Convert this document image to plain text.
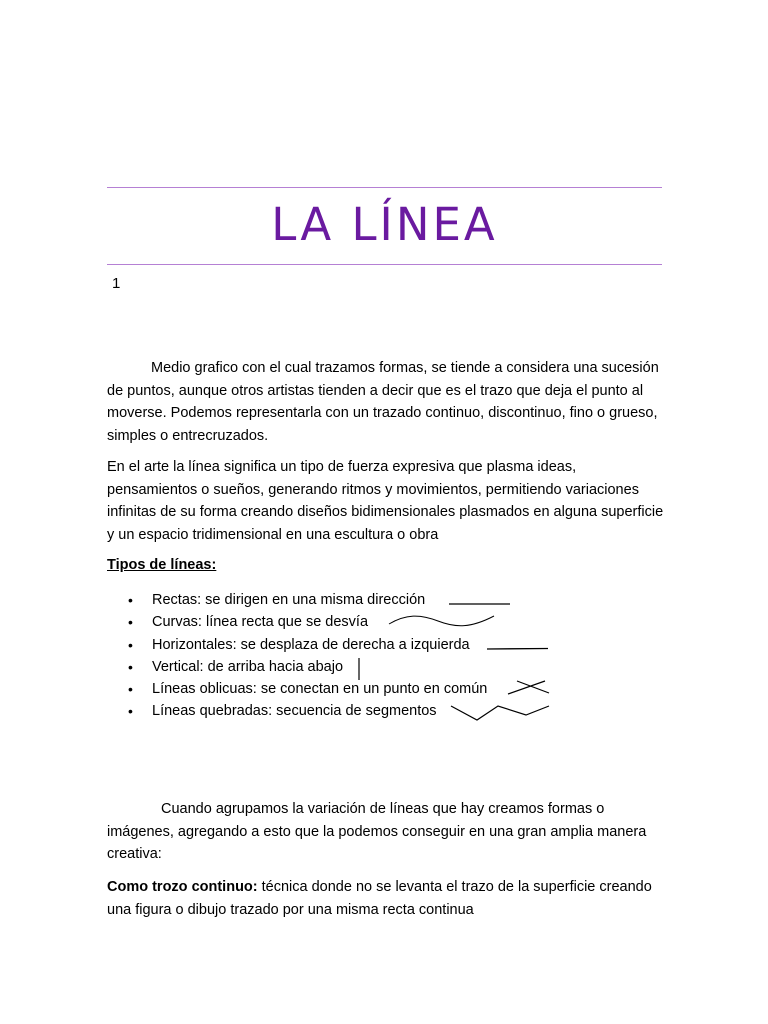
LA LÍNEA
1

Medio grafico con el cual trazamos formas, se tiende a considera una sucesión de puntos, aunque otros artistas tienden a decir que es el trazo que deja el punto al moverse. Podemos representarla con un trazado continuo, discontinuo, fino o grueso, simples o entrecruzados.

En el arte la línea significa un tipo de fuerza expresiva que plasma ideas, pensamientos o sueños, generando ritmos y movimientos, permitiendo variaciones infinitas de su forma creando diseños bidimensionales plasmados en alguna superficie y un espacio tridimensional en una escultura o obra

Tipos de líneas:
• Rectas: se dirigen en una misma dirección
• Curvas: línea recta que se desvía
• Horizontales: se desplaza de derecha a izquierda
• Vertical: de arriba hacia abajo
• Líneas oblicuas: se conectan en un punto en común
• Líneas quebradas: secuencia de segmentos

Cuando agrupamos la variación de líneas que hay creamos formas o imágenes, agregando a esto que la podemos conseguir en una gran amplia manera creativa:

Como trozo continuo: técnica donde no se levanta el trazo de la superficie creando una figura o dibujo trazado por una misma recta continua
